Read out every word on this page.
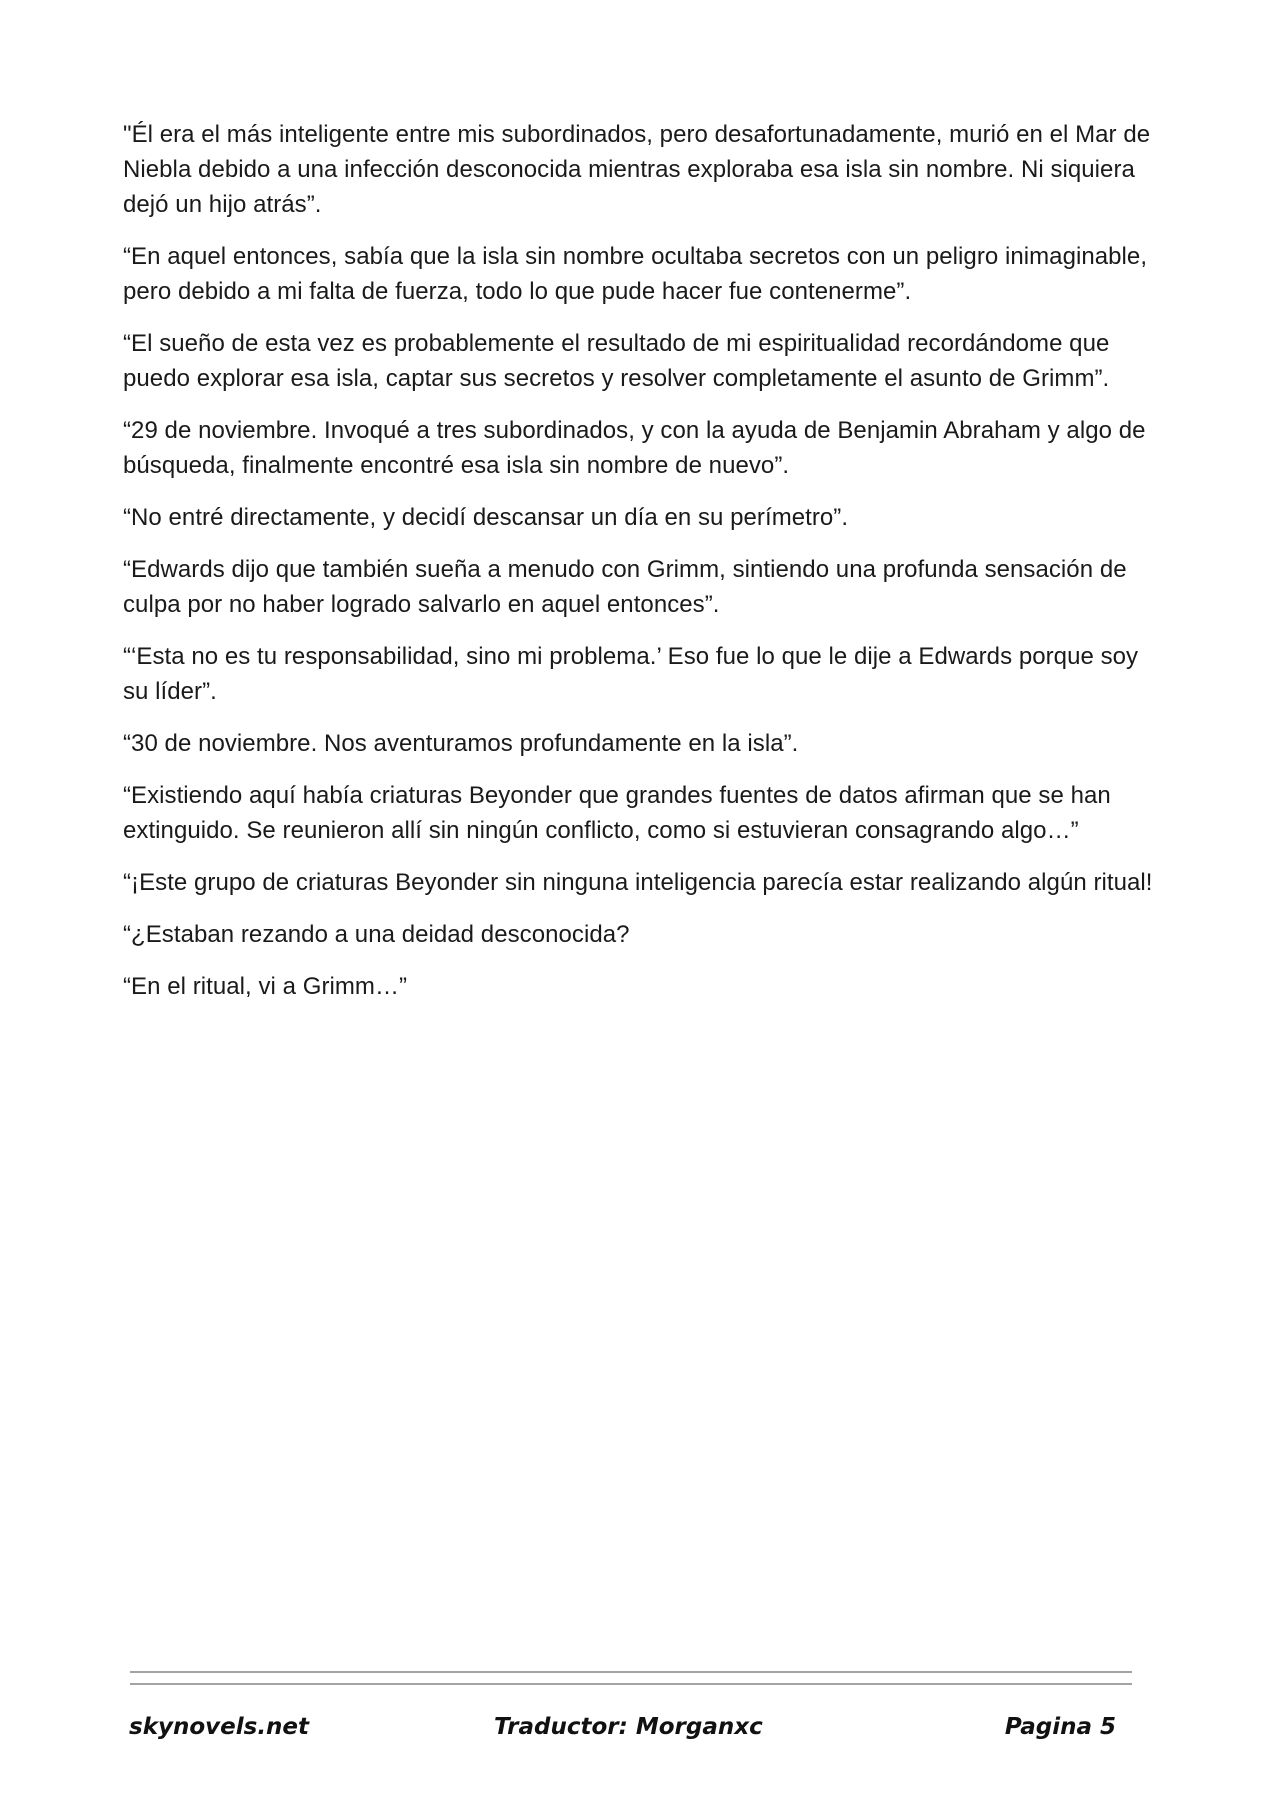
"Él era el más inteligente entre mis subordinados, pero desafortunadamente, murió en el Mar de Niebla debido a una infección desconocida mientras exploraba esa isla sin nombre. Ni siquiera dejó un hijo atrás”.

“En aquel entonces, sabía que la isla sin nombre ocultaba secretos con un peligro inimaginable, pero debido a mi falta de fuerza, todo lo que pude hacer fue contenerme”.

“El sueño de esta vez es probablemente el resultado de mi espiritualidad recordándome que puedo explorar esa isla, captar sus secretos y resolver completamente el asunto de Grimm”.

“29 de noviembre. Invoqué a tres subordinados, y con la ayuda de Benjamin Abraham y algo de búsqueda, finalmente encontré esa isla sin nombre de nuevo”.

“No entré directamente, y decidí descansar un día en su perímetro”.

“Edwards dijo que también sueña a menudo con Grimm, sintiendo una profunda sensación de culpa por no haber logrado salvarlo en aquel entonces”.

“‘Esta no es tu responsabilidad, sino mi problema.’ Eso fue lo que le dije a Edwards porque soy su líder”.

“30 de noviembre. Nos aventuramos profundamente en la isla”.

“Existiendo aquí había criaturas Beyonder que grandes fuentes de datos afirman que se han extinguido. Se reunieron allí sin ningún conflicto, como si estuvieran consagrando algo…”

“¡Este grupo de criaturas Beyonder sin ninguna inteligencia parecía estar realizando algún ritual!

“¿Estaban rezando a una deidad desconocida?

“En el ritual, vi a Grimm…”

skynovels.net	Traductor: Morganxc	Pagina 5
